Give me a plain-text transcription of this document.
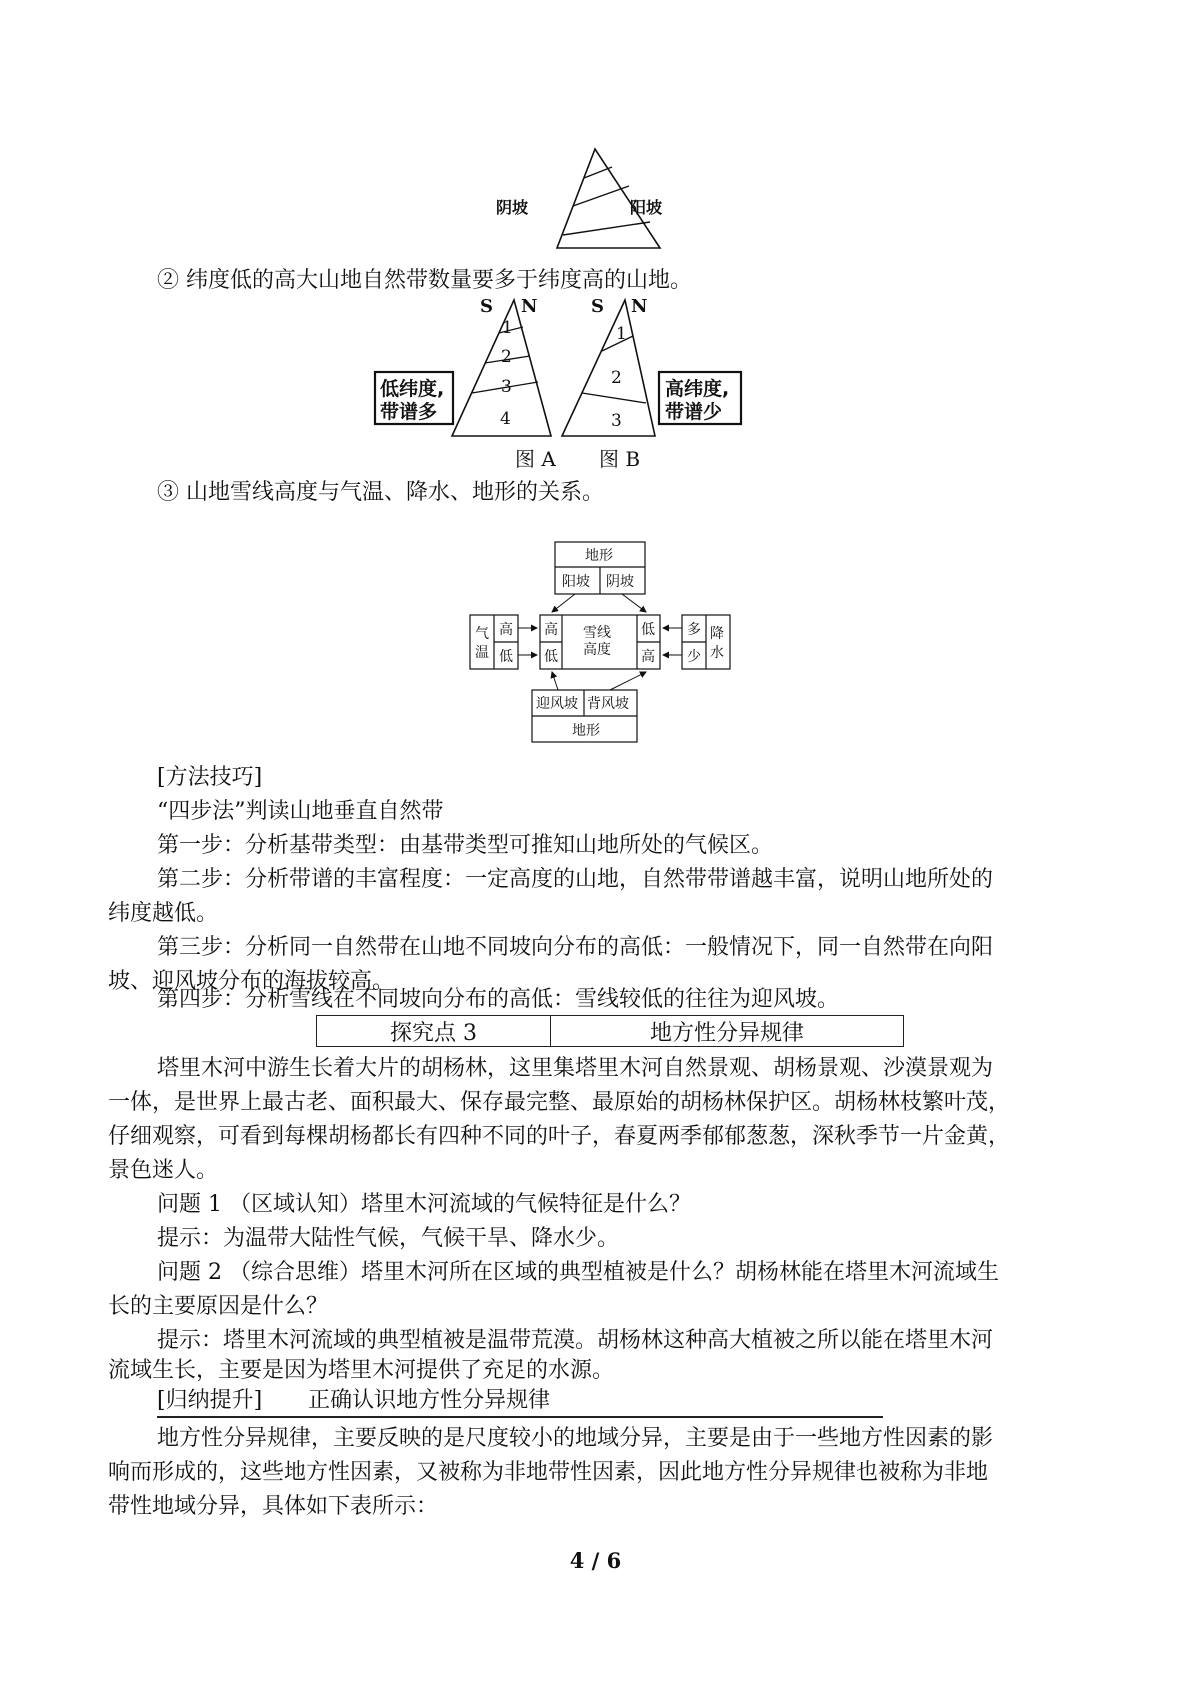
阴坡	阳坡
② 纬度低的高大山地自然带数量要多于纬度高的山地。
S N
1
2
3
4
S N
1
2
3
低纬度,
带谱多
高纬度,
带谱少
图 A 图 B
③ 山地雪线高度与气温、降水、地形的关系。
地形
阳坡 阴坡
气
温
高
低
高
低
雪线
高度
低
高
多
少
降
水
迎风坡 背风坡
地形
[方法技巧]
“四步法”判读山地垂直自然带
第一步：分析基带类型：由基带类型可推知山地所处的气候区。
第二步：分析带谱的丰富程度：一定高度的山地，自然带带谱越丰富，说明山地所处的
纬度越低。
第三步：分析同一自然带在山地不同坡向分布的高低：一般情况下，同一自然带在向阳
坡、迎风坡分布的海拔较高。
第四步：分析雪线在不同坡向分布的高低：雪线较低的往往为迎风坡。
探究点 3	地方性分异规律
塔里木河中游生长着大片的胡杨林，这里集塔里木河自然景观、胡杨景观、沙漠景观为
一体，是世界上最古老、面积最大、保存最完整、最原始的胡杨林保护区。胡杨林枝繁叶茂，
仔细观察，可看到每棵胡杨都长有四种不同的叶子，春夏两季郁郁葱葱，深秋季节一片金黄，
景色迷人。
问题 1 （区域认知）塔里木河流域的气候特征是什么？
提示：为温带大陆性气候，气候干旱、降水少。
问题 2 （综合思维）塔里木河所在区域的典型植被是什么？胡杨林能在塔里木河流域生
长的主要原因是什么？
提示：塔里木河流域的典型植被是温带荒漠。胡杨林这种高大植被之所以能在塔里木河
流域生长，主要是因为塔里木河提供了充足的水源。
[归纳提升] 正确认识地方性分异规律
地方性分异规律，主要反映的是尺度较小的地域分异，主要是由于一些地方性因素的影
响而形成的，这些地方性因素，又被称为非地带性因素，因此地方性分异规律也被称为非地
带性地域分异，具体如下表所示：
4 / 6
